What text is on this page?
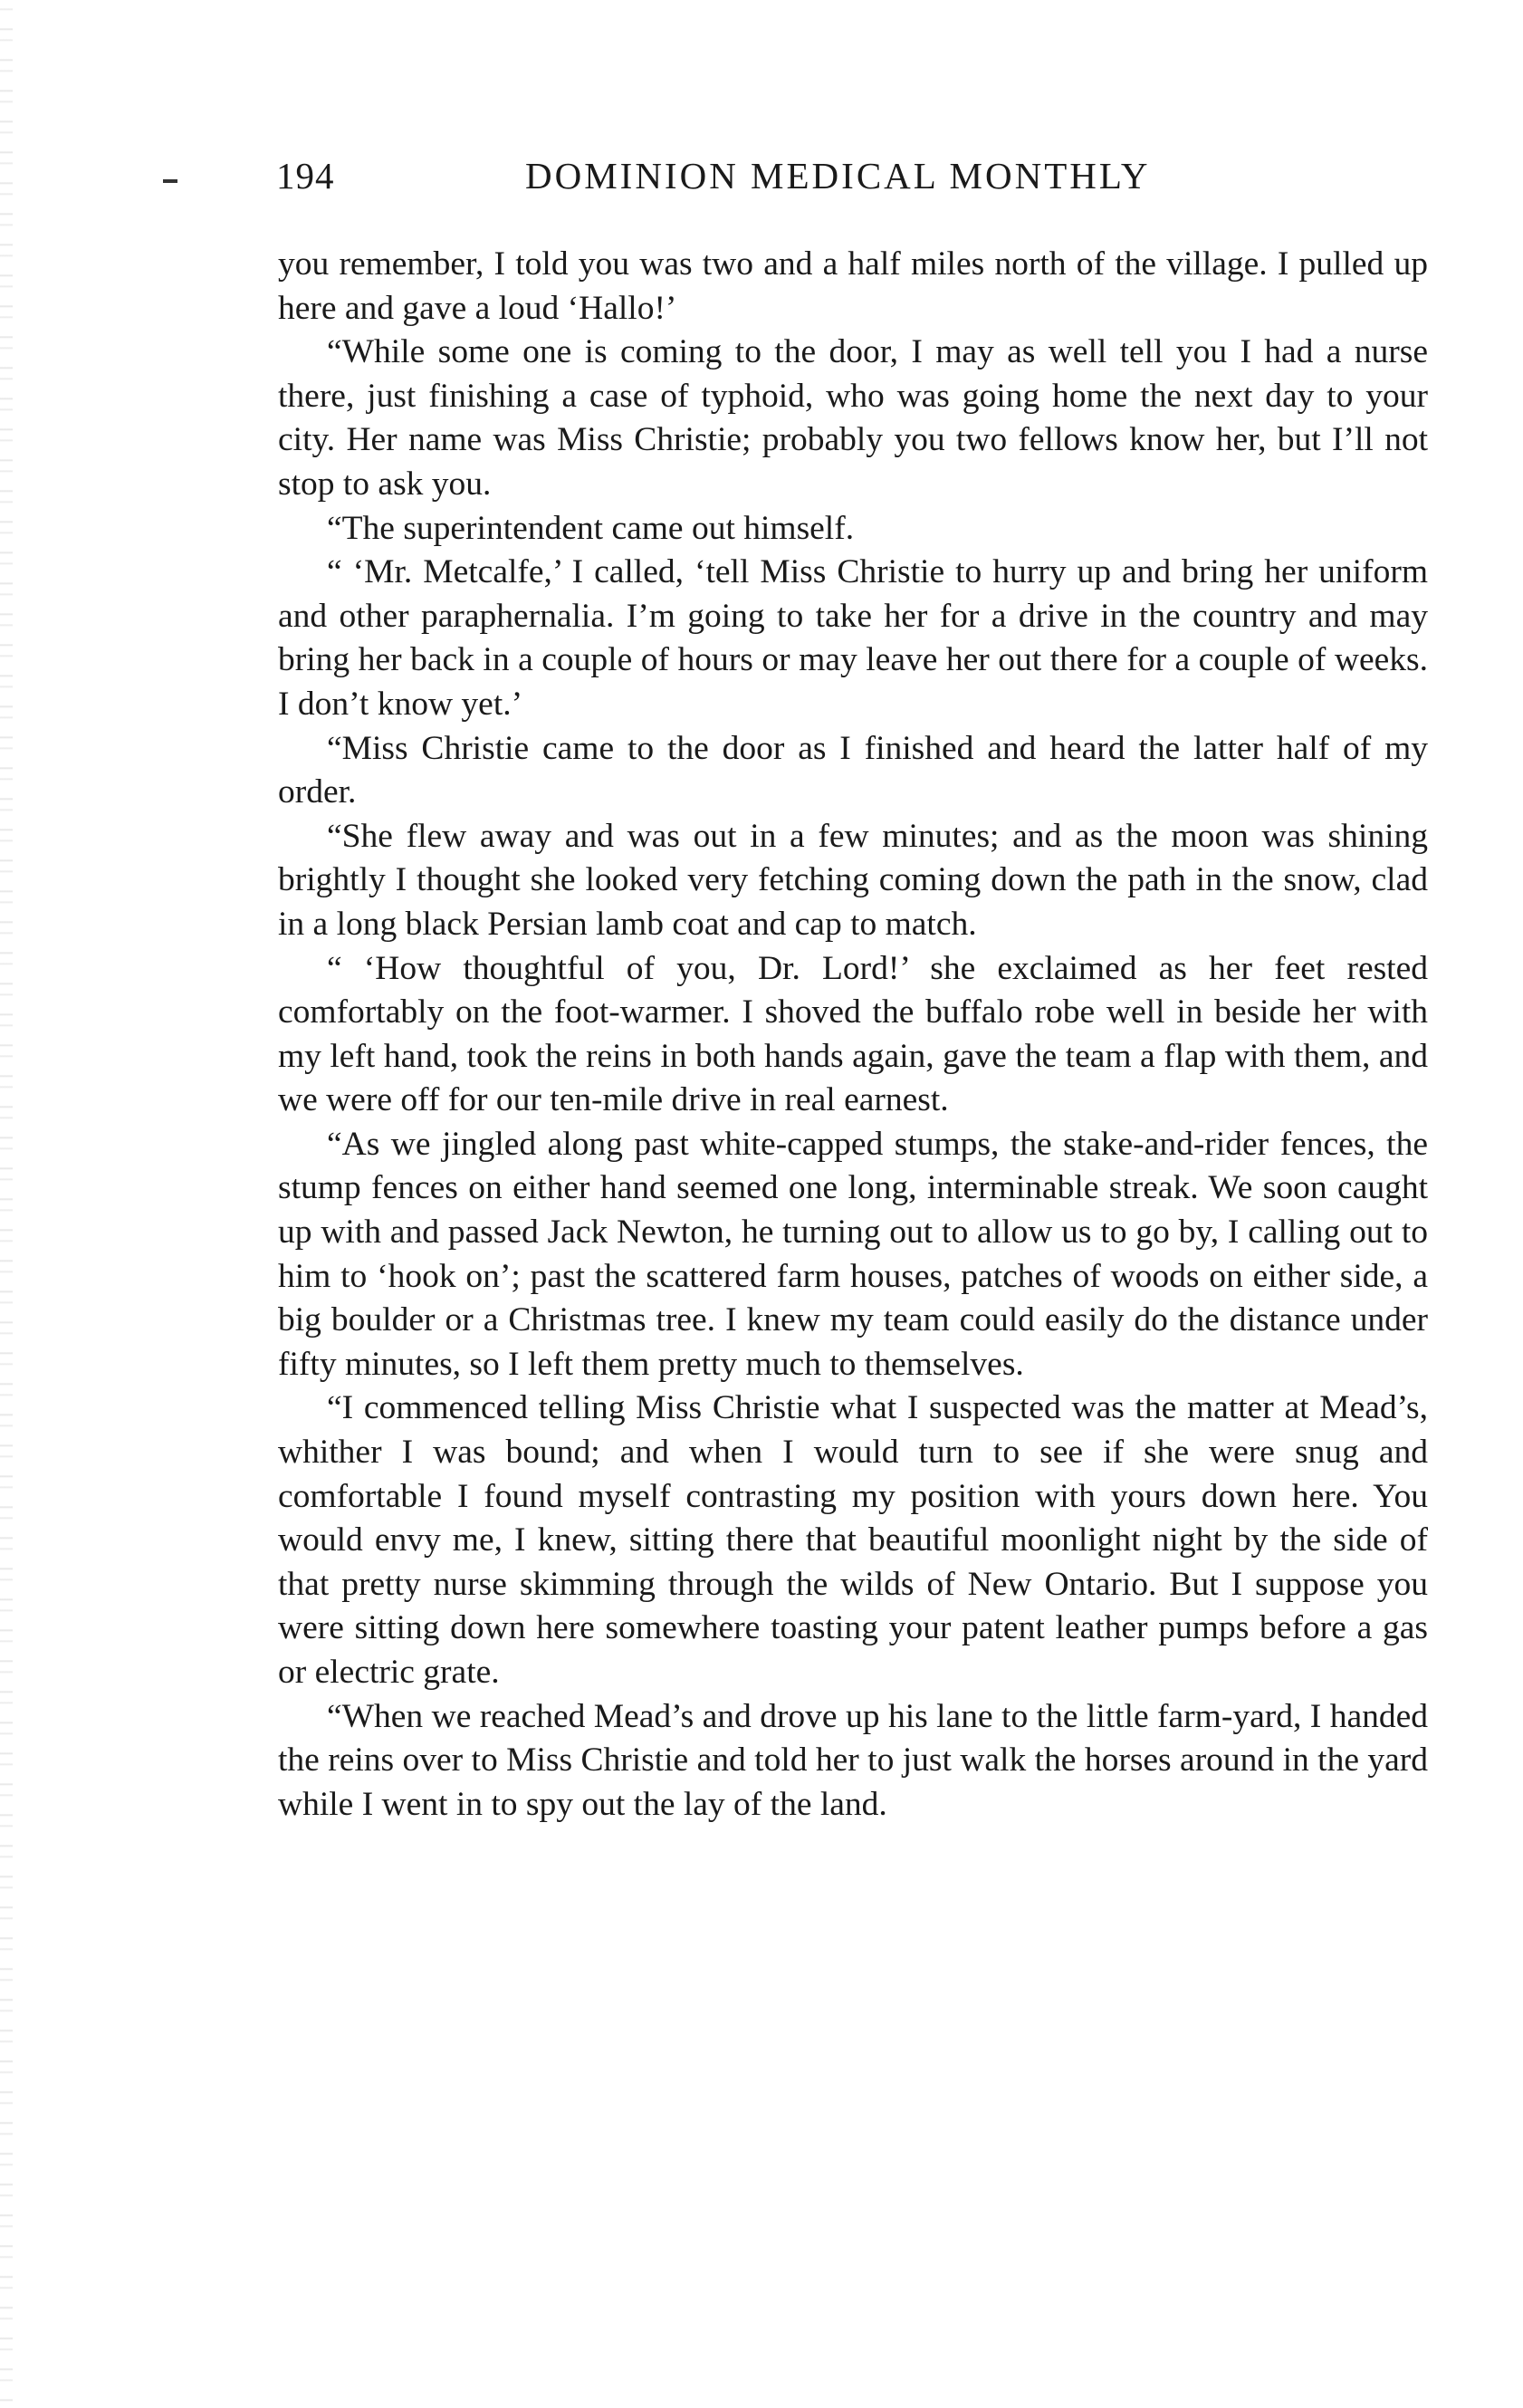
194	DOMINION MEDICAL MONTHLY

you remember, I told you was two and a half miles north of the village. I pulled up here and gave a loud ‘Hallo!’

“While some one is coming to the door, I may as well tell you I had a nurse there, just finishing a case of typhoid, who was going home the next day to your city. Her name was Miss Christie; probably you two fellows know her, but I’ll not stop to ask you.

“The superintendent came out himself.

“ ‘Mr. Metcalfe,’ I called, ‘tell Miss Christie to hurry up and bring her uniform and other paraphernalia. I’m going to take her for a drive in the country and may bring her back in a couple of hours or may leave her out there for a couple of weeks. I don’t know yet.’

“Miss Christie came to the door as I finished and heard the latter half of my order.

“She flew away and was out in a few minutes; and as the moon was shining brightly I thought she looked very fetching coming down the path in the snow, clad in a long black Persian lamb coat and cap to match.

“ ‘How thoughtful of you, Dr. Lord!’ she exclaimed as her feet rested comfortably on the foot-warmer. I shoved the buffalo robe well in beside her with my left hand, took the reins in both hands again, gave the team a flap with them, and we were off for our ten-mile drive in real earnest.

“As we jingled along past white-capped stumps, the stake-and-rider fences, the stump fences on either hand seemed one long, interminable streak. We soon caught up with and passed Jack Newton, he turning out to allow us to go by, I calling out to him to ‘hook on’; past the scattered farm houses, patches of woods on either side, a big boulder or a Christmas tree. I knew my team could easily do the distance under fifty minutes, so I left them pretty much to themselves.

“I commenced telling Miss Christie what I suspected was the matter at Mead’s, whither I was bound; and when I would turn to see if she were snug and comfortable I found myself contrasting my position with yours down here. You would envy me, I knew, sitting there that beautiful moonlight night by the side of that pretty nurse skimming through the wilds of New Ontario. But I suppose you were sitting down here somewhere toasting your patent leather pumps before a gas or electric grate.

“When we reached Mead’s and drove up his lane to the little farm-yard, I handed the reins over to Miss Christie and told her to just walk the horses around in the yard while I went in to spy out the lay of the land.
